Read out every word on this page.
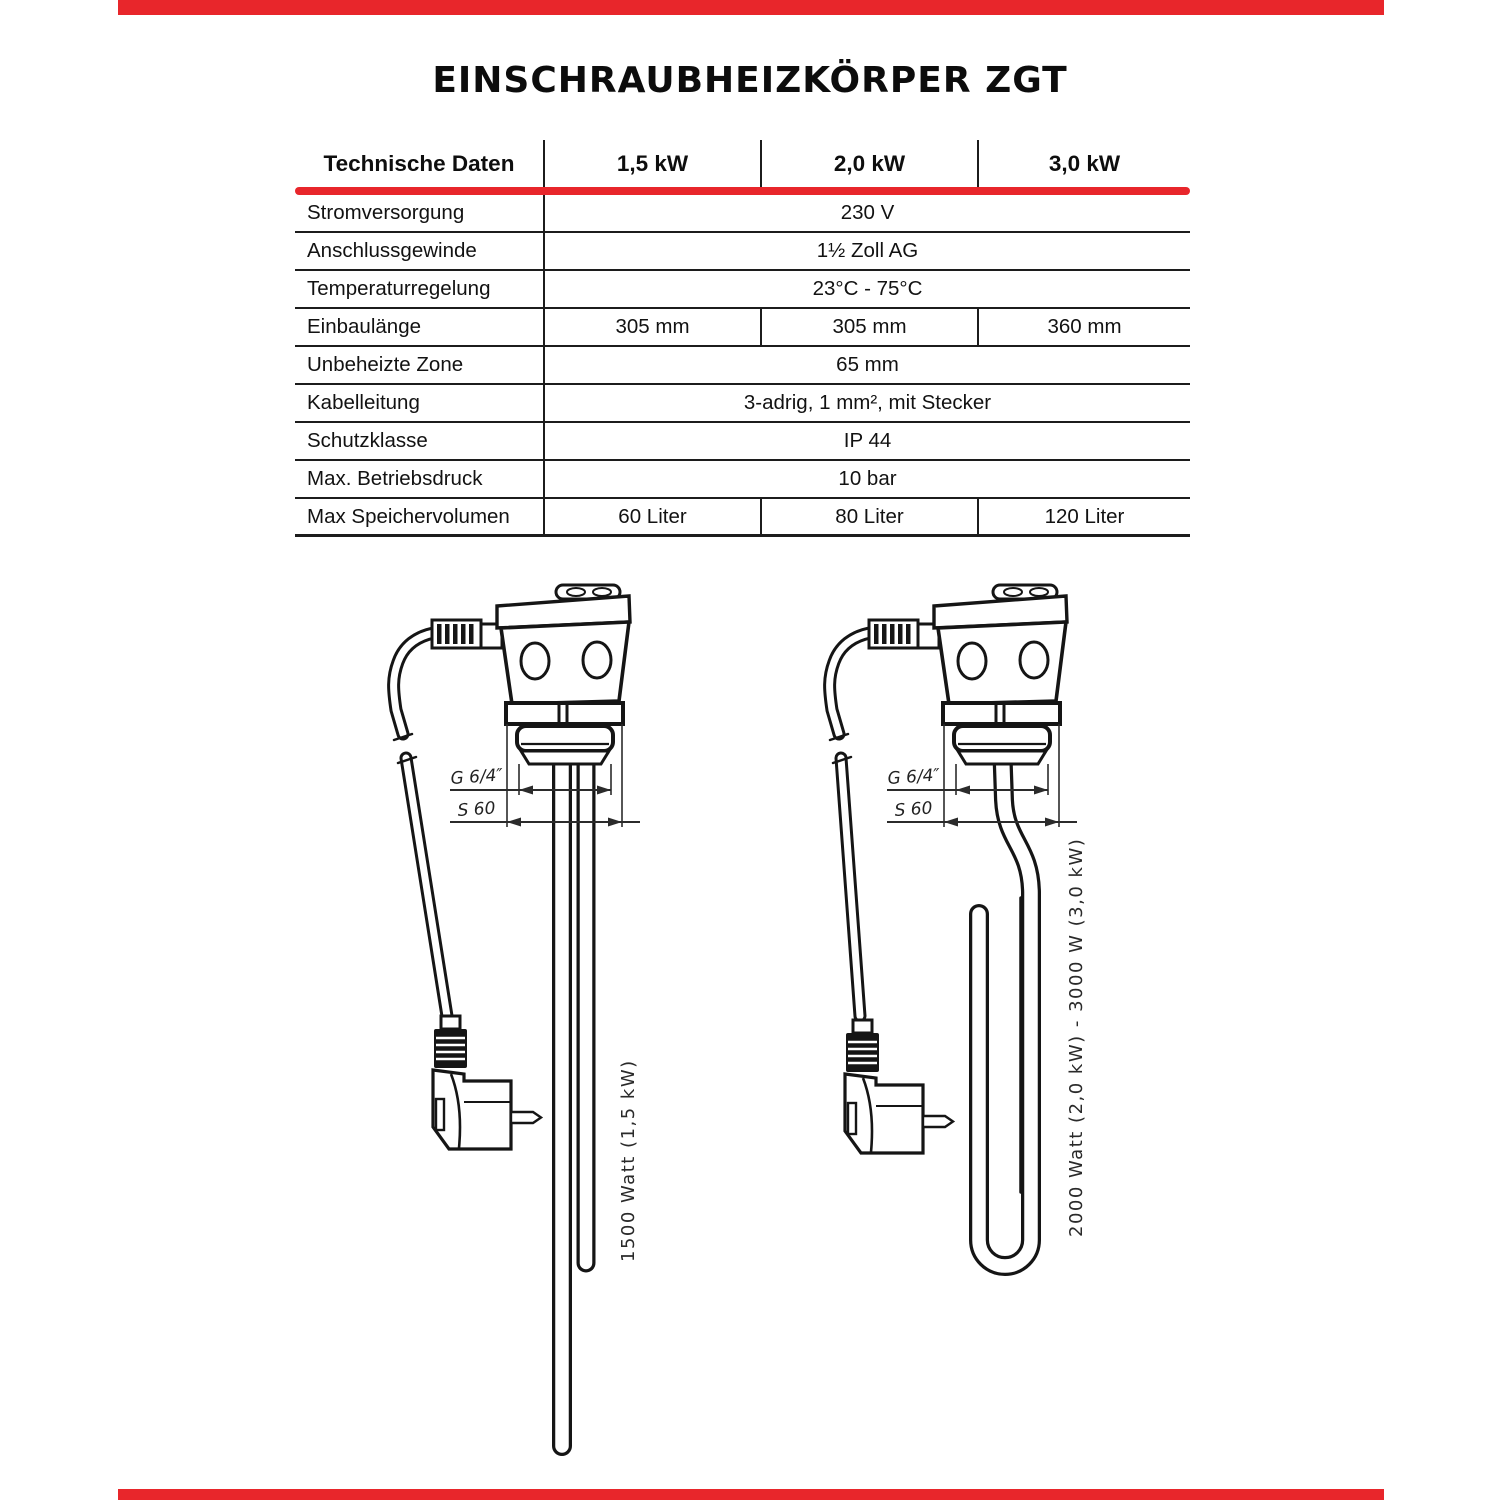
EINSCHRAUBHEIZKÖRPER ZGT
Technische Daten	1,5 kW	2,0 kW	3,0 kW
Stromversorgung	230 V
Anschlussgewinde	1½ Zoll AG
Temperaturregelung	23°C - 75°C
Einbaulänge	305 mm	305 mm	360 mm
Unbeheizte Zone	65 mm
Kabelleitung	3-adrig, 1 mm², mit Stecker
Schutzklasse	IP 44
Max. Betriebsdruck	10 bar
Max Speichervolumen	60 Liter	80 Liter	120 Liter
G 6/4″
S 60
1500 Watt (1,5 kW)
G 6/4″
S 60
2000 Watt (2,0 kW) - 3000 W (3,0 kW)
